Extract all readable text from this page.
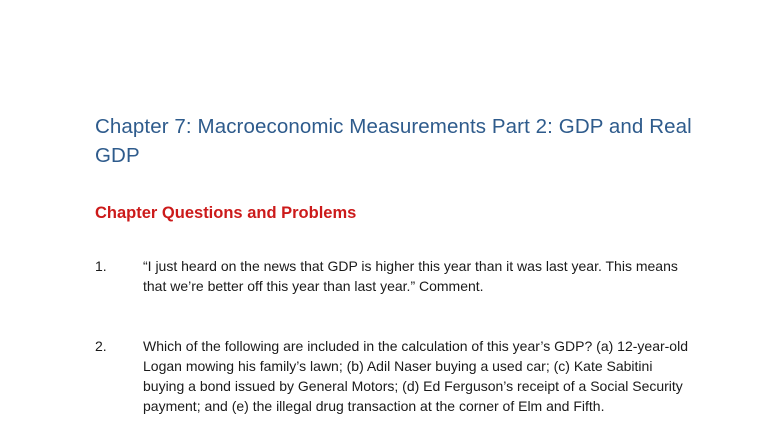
Chapter 7: Macroeconomic Measurements Part 2: GDP and Real GDP
Chapter Questions and Problems
1.	“I just heard on the news that GDP is higher this year than it was last year. This means that we’re better off this year than last year.” Comment.
2.	Which of the following are included in the calculation of this year’s GDP? (a) 12-year-old Logan mowing his family’s lawn; (b) Adil Naser buying a used car; (c) Kate Sabitini buying a bond issued by General Motors; (d) Ed Ferguson’s receipt of a Social Security payment; and (e) the illegal drug transaction at the corner of Elm and Fifth.
